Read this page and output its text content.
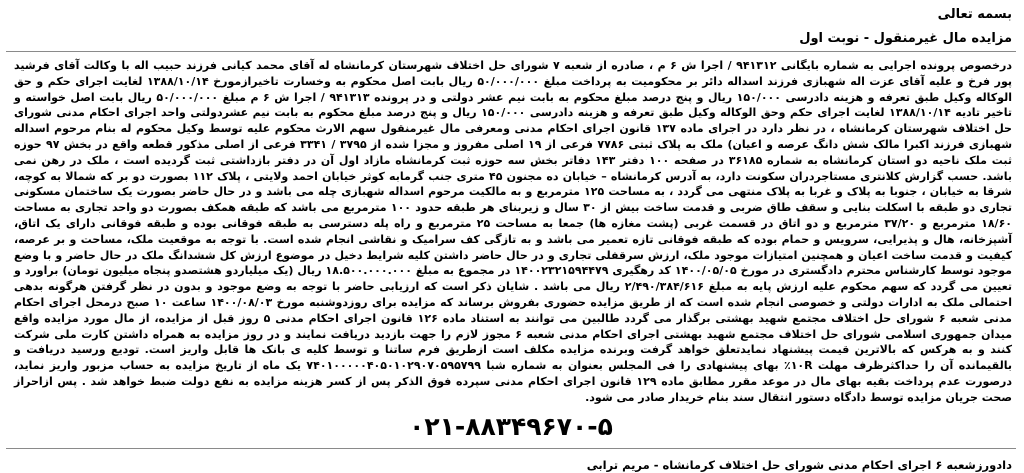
بسمه تعالی
مزایده مال غیرمنقول - نوبت اول
درخصوص پرونده اجرایی به شماره بایگانی ۹۴۱۳۱۲ / اجرا ش ۶ م ، صادره از شعبه ۷ شورای حل اختلاف شهرستان کرمانشاه له آقای محمد کیانی فرزند حبیب اله با وکالت آقای فرشید پور فرخ و علیه آقای عزت اله شهبازی فرزند اسداله دائر بر محکومیت به پرداخت مبلغ ۵۰/۰۰۰/۰۰۰ ریال بابت اصل محکوم به وخسارت تاخیرازمورخ ۱۳۸۸/۱۰/۱۴ لغایت اجرای حکم و حق الوکاله وکیل طبق تعرفه و هزینه دادرسی ۱۵۰/۰۰۰ ریال و پنج درصد مبلغ محکوم به بابت نیم عشر دولتی و در پرونده ۹۴۱۳۱۳ / اجرا ش ۶ م مبلغ ۵۰/۰۰۰/۰۰۰ ریال بابت اصل خواسته و تاخیر تادیه ۱۳۸۸/۱۰/۱۴ لغایت اجرای حکم وحق الوکاله وکیل طبق تعرفه و هزینه دادرسی ۱۵۰/۰۰۰ ریال و پنج درصد مبلغ محکوم به بابت نیم عشردولتی واحد اجرای احکام مدنی شورای حل اختلاف شهرستان کرمانشاه ، در نظر دارد در اجرای ماده ۱۳۷ قانون اجرای احکام مدنی ومعرفی مال غیرمنقول سهم الارث محکوم علیه توسط وکیل محکوم له بنام مرحوم اسداله شهبازی فرزند اکبرا مالک شش دانگ عرصه و اعیان) ملک به پلاک ثبتی ۷۷۸۶ فرعی از ۱۹ اصلی مفروز و مجزا شده از ۳۷۹۵ / ۳۳۴۱ فرعی از اصلی مذکور قطعه واقع در بخش ۹۷ حوزه ثبت ملک ناحیه دو استان کرمانشاه به شماره ۳۶۱۸۵ در صفحه ۱۰۰ دفتر ۱۴۳ دفاتر بخش سه حوزه ثبت کرمانشاه مازاد اول آن در دفتر بازداشتی ثبت گردیده است ، ملک در رهن نمی باشد. حسب گزارش کلانتری مستاجردران سکونت دارد، به آدرس کرمانشاه – خیابان ده مجنون ۴۵ متری جنب گرمابه کوثر خیابان احمد ولایتی ، پلاک ۱۱۲ بصورت دو بر که شمالا به کوچه، شرقا به خیابان ، جنوبا به پلاک و غربا به پلاک منتهی می گردد ، به مساحت ۱۲۵ مترمربع و به مالکیت مرحوم اسداله شهبازی چله می باشد و در حال حاضر بصورت یک ساختمان مسکونی تجاری دو طبقه با اسکلت بنایی و سقف طاق ضربی و قدمت ساخت بیش از ۳۰ سال و زیربنای هر طبقه حدود ۱۰۰ مترمربع می باشد که طبقه همکف بصورت دو واحد تجاری به مساحت ۱۸/۶۰ مترمربع و ۳۷/۲۰ مترمربع و دو اتاق در قسمت غربی (پشت مغازه ها) جمعا به مساحت ۲۵ مترمربع و راه پله دسترسی به طبقه فوقانی بوده و طبقه فوقانی دارای یک اتاق، آشپزخانه، هال و پذیرایی، سرویس و حمام بوده که طبقه فوقانی تازه تعمیر می باشد و به تازگی کف سرامیک و نقاشی انجام شده است. با توجه به موقعیت ملک، مساحت و بر عرصه، کیفیت و قدمت ساخت اعیان و همچنین امتیازات موجود ملک، ارزش سرقفلی تجاری و در حال حاضر داشتن کلیه شرایط دخیل در موضوع ارزش کل ششدانگ ملک در حال حاضر و با وضع موجود توسط کارشناس محترم دادگستری در مورخ ۱۴۰۰/۰۵/۰۵ کد رهگیری ۱۴۰۰۲۳۲۱۵۹۴۴۷۹ در مجموع به مبلغ ۱۸.۵۰۰.۰۰۰.۰۰۰ ریال (یک میلیاردو هشتصدو پنجاه میلیون تومان) براورد و تعیین می گردد که سهم محکوم علیه ارزش پایه به مبلغ ۲/۴۹۰/۳۸۴/۶۱۶ ریال می باشد . شایان ذکر است که ارزیابی حاضر با توجه به وضع موجود و بدون در نظر گرفتن هرگونه بدهی احتمالی ملک به ادارات دولتی و خصوصی انجام شده است که از طریق مزایده حضوری بفروش برساند که مزایده برای روزدوشنبه مورخ ۱۴۰۰/۰۸/۰۳ ساعت ۱۰ صبح درمحل اجرای احکام مدنی شعبه ۶ شورای حل اختلاف مجتمع شهید بهشتی برگذار می گردد طالبین می توانند به استناد ماده ۱۲۶ قانون اجرای احکام مدنی ۵ روز قبل از مزایده، از مال مورد مزایده واقع میدان جمهوری اسلامی شورای حل اختلاف مجتمع شهید بهشتی اجرای احکام مدنی شعبه ۶ مجوز لازم را جهت بازدید دریافت نمایند و در روز مزایده به همراه داشتن کارت ملی شرکت کنند و به هرکس که بالاترین قیمت پیشنهاد نمایدتعلق خواهد گرفت وبرنده مزایده مکلف است ازطریق فرم ساتنا و توسط کلیه ی بانک ها قابل واریز است. تودیع ورسید دریافت و بالقیمانده آن را حداکثرظرف مهلت ۱۰R٪ بهای پیشنهادی را فی المجلس بعنوان به شماره شبا ۷۴۰۱۰۰۰۰۰۴۰۵۰۱۰۲۹۰۷۰۵۹۵۷۹۹ یک ماه از تاریخ مزایده به حساب مزبور واریز نماید، درصورت عدم پرداخت بقیه بهای مال در موعد مقرر مطابق ماده ۱۲۹ قانون اجرای احکام مدنی سپرده فوق الذکر پس از کسر هزینه مزایده به نفع دولت ضبط خواهد شد . پس ازاحراز صحت جریان مزایده توسط دادگاه دستور انتقال سند بنام خریدار صادر می شود.
۰۲۱-۸۸۳۴۹۶۷۰-۵
دادورزشعبه ۶ اجرای احکام مدنی شورای حل اختلاف کرمانشاه - مریم ترابی
